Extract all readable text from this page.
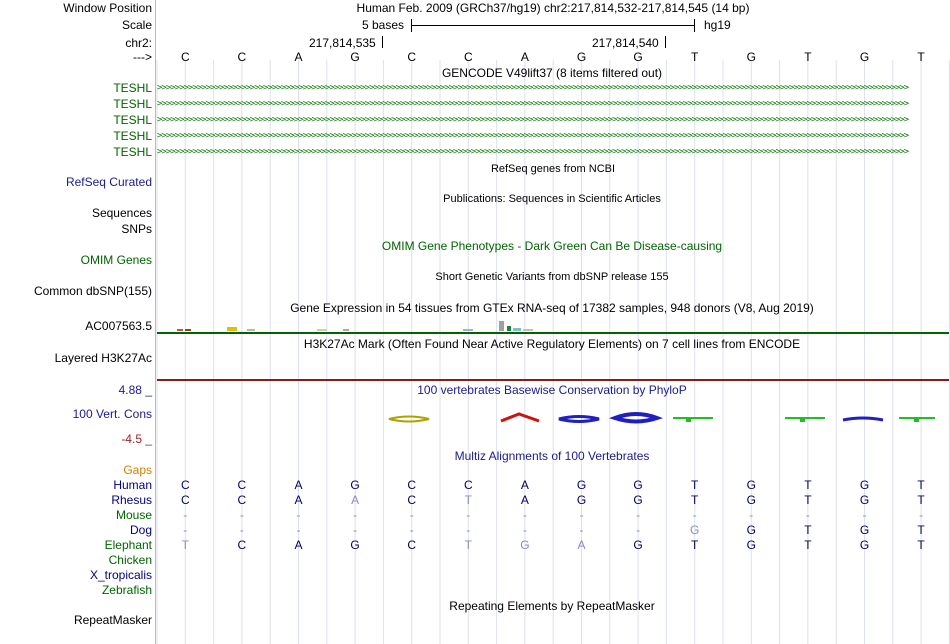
Window Position	Human Feb. 2009 (GRCh37/hg19) chr2:217,814,532-217,814,545 (14 bp)
Scale	5 bases	hg19
chr2:	217,814,535	217,814,540
--->	C	C	A	G	C	C	A	G	G	T	G	T	G	T
GENCODE V49lift37 (8 items filtered out)
TESHL >>>>>>>>>>>>>>>>>>>>>>>>>>>>>>>>>>>>>>>>>>>>>>>>>>>>>>>>>>>>>>>>>>>>>>>>>>>>>>>>>>>>>>>>>>>>>>>>>>>>>>>>>>>>>>>>>>>>>>>>>>>>>>>>>>>>>>>>>>>>>>>>>>>>>>>>>>>>>>>>>>>>>>>>>>
TESHL >>>>>>>>>>>>>>>>>>>>>>>>>>>>>>>>>>>>>>>>>>>>>>>>>>>>>>>>>>>>>>>>>>>>>>>>>>>>>>>>>>>>>>>>>>>>>>>>>>>>>>>>>>>>>>>>>>>>>>>>>>>>>>>>>>>>>>>>>>>>>>>>>>>>>>>>>>>>>>>>>>>>>>>>>>
TESHL >>>>>>>>>>>>>>>>>>>>>>>>>>>>>>>>>>>>>>>>>>>>>>>>>>>>>>>>>>>>>>>>>>>>>>>>>>>>>>>>>>>>>>>>>>>>>>>>>>>>>>>>>>>>>>>>>>>>>>>>>>>>>>>>>>>>>>>>>>>>>>>>>>>>>>>>>>>>>>>>>>>>>>>>>>
TESHL >>>>>>>>>>>>>>>>>>>>>>>>>>>>>>>>>>>>>>>>>>>>>>>>>>>>>>>>>>>>>>>>>>>>>>>>>>>>>>>>>>>>>>>>>>>>>>>>>>>>>>>>>>>>>>>>>>>>>>>>>>>>>>>>>>>>>>>>>>>>>>>>>>>>>>>>>>>>>>>>>>>>>>>>>>
TESHL >>>>>>>>>>>>>>>>>>>>>>>>>>>>>>>>>>>>>>>>>>>>>>>>>>>>>>>>>>>>>>>>>>>>>>>>>>>>>>>>>>>>>>>>>>>>>>>>>>>>>>>>>>>>>>>>>>>>>>>>>>>>>>>>>>>>>>>>>>>>>>>>>>>>>>>>>>>>>>>>>>>>>>>>>>
RefSeq genes from NCBI
RefSeq Curated
Publications: Sequences in Scientific Articles
Sequences
SNPs
OMIM Gene Phenotypes - Dark Green Can Be Disease-causing
OMIM Genes
Short Genetic Variants from dbSNP release 155
Common dbSNP(155)
Gene Expression in 54 tissues from GTEx RNA-seq of 17382 samples, 948 donors (V8, Aug 2019)
AC007563.5
H3K27Ac Mark (Often Found Near Active Regulatory Elements) on 7 cell lines from ENCODE
Layered H3K27Ac
100 vertebrates Basewise Conservation by PhyloP
4.88 _
100 Vert. Cons
-4.5 _
Multiz Alignments of 100 Vertebrates
Gaps
Human	C	C	A	G	C	C	A	G	G	T	G	T	G	T
Rhesus	C	C	A	A	C	T	A	G	G	T	G	T	G	T
Mouse	-	-	-	-	-	-	-	-	-	-	-	-	-	-
Dog	-	-	-	-	-	-	-	-	-	G	G	T	G	T
Elephant	T	C	A	G	C	T	G	A	G	T	G	T	G	T
Chicken
X_tropicalis
Zebrafish
Repeating Elements by RepeatMasker
RepeatMasker
